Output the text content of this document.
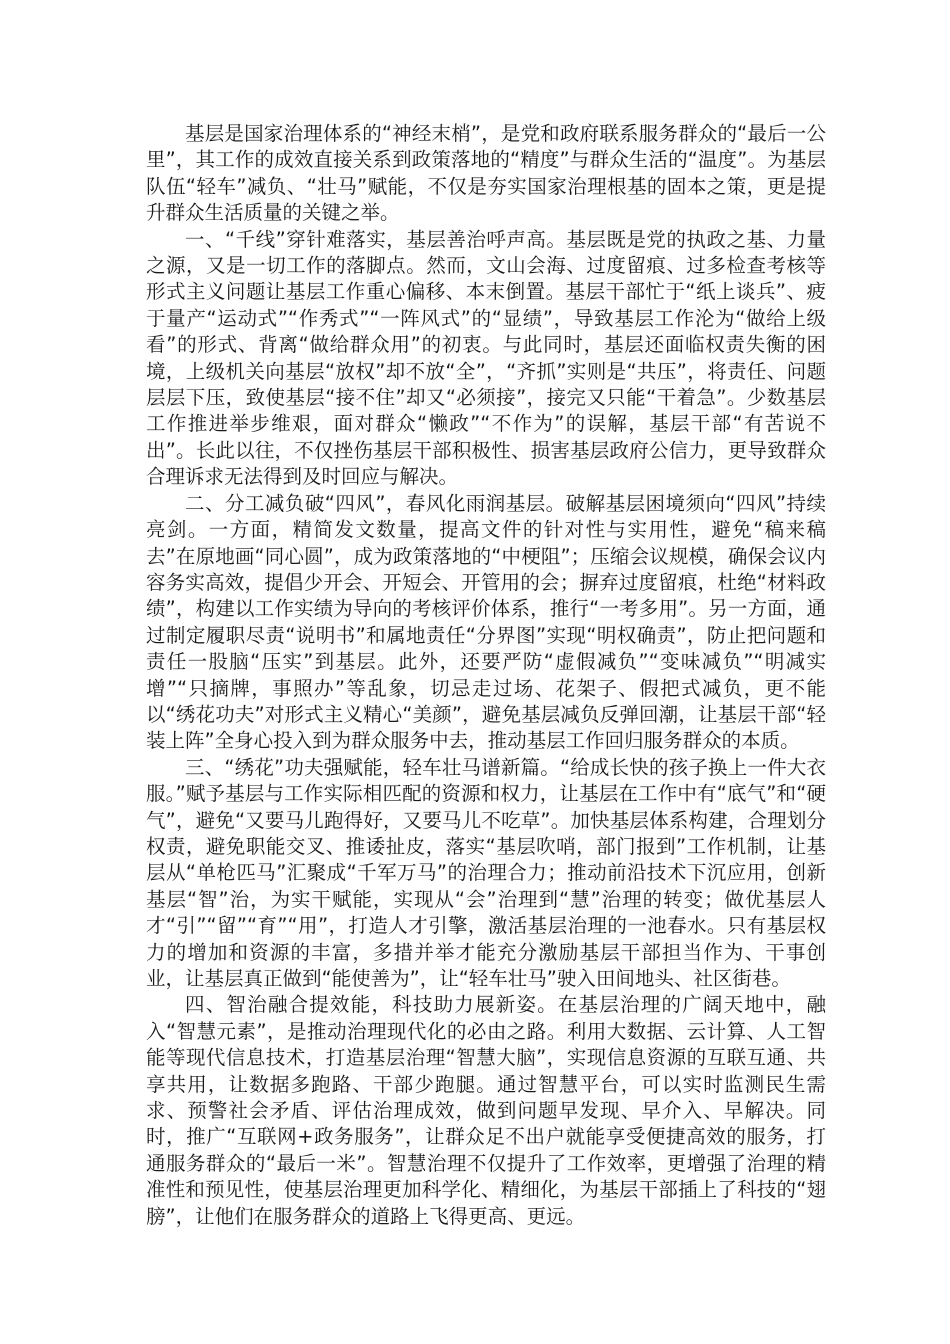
基层是国家治理体系的“神经末梢”，是党和政府联系服务群众的“最后一公里”，其工作的成效直接关系到政策落地的“精度”与群众生活的“温度”。为基层队伍“轻车”减负、“壮马”赋能，不仅是夯实国家治理根基的固本之策，更是提升群众生活质量的关键之举。

一、“千线”穿针难落实，基层善治呼声高。基层既是党的执政之基、力量之源，又是一切工作的落脚点。然而，文山会海、过度留痕、过多检查考核等形式主义问题让基层工作重心偏移、本末倒置。基层干部忙于“纸上谈兵”、疲于量产“运动式”“作秀式”“一阵风式”的“显绩”，导致基层工作沦为“做给上级看”的形式、背离“做给群众用”的初衷。与此同时，基层还面临权责失衡的困境，上级机关向基层“放权”却不放“全”，“齐抓”实则是“共压”，将责任、问题层层下压，致使基层“接不住”却又“必须接”，接完又只能“干着急”。少数基层工作推进举步维艰，面对群众“懒政”“不作为”的误解，基层干部“有苦说不出”。长此以往，不仅挫伤基层干部积极性、损害基层政府公信力，更导致群众合理诉求无法得到及时回应与解决。

二、分工减负破“四风”，春风化雨润基层。破解基层困境须向“四风”持续亮剑。一方面，精简发文数量，提高文件的针对性与实用性，避免“稿来稿去”在原地画“同心圆”，成为政策落地的“中梗阻”；压缩会议规模，确保会议内容务实高效，提倡少开会、开短会、开管用的会；摒弃过度留痕，杜绝“材料政绩”，构建以工作实绩为导向的考核评价体系，推行“一考多用”。另一方面，通过制定履职尽责“说明书”和属地责任“分界图”实现“明权确责”，防止把问题和责任一股脑“压实”到基层。此外，还要严防“虚假减负”“变味减负”“明减实增”“只摘牌，事照办”等乱象，切忌走过场、花架子、假把式减负，更不能以“绣花功夫”对形式主义精心“美颜”，避免基层减负反弹回潮，让基层干部“轻装上阵”全身心投入到为群众服务中去，推动基层工作回归服务群众的本质。

三、“绣花”功夫强赋能，轻车壮马谱新篇。“给成长快的孩子换上一件大衣服。”赋予基层与工作实际相匹配的资源和权力，让基层在工作中有“底气”和“硬气”，避免“又要马儿跑得好，又要马儿不吃草”。加快基层体系构建，合理划分权责，避免职能交叉、推诿扯皮，落实“基层吹哨，部门报到”工作机制，让基层从“单枪匹马”汇聚成“千军万马”的治理合力；推动前沿技术下沉应用，创新基层“智”治，为实干赋能，实现从“会”治理到“慧”治理的转变；做优基层人才“引”“留”“育”“用”，打造人才引擎，激活基层治理的一池春水。只有基层权力的增加和资源的丰富，多措并举才能充分激励基层干部担当作为、干事创业，让基层真正做到“能使善为”，让“轻车壮马”驶入田间地头、社区街巷。

四、智治融合提效能，科技助力展新姿。在基层治理的广阔天地中，融入“智慧元素”，是推动治理现代化的必由之路。利用大数据、云计算、人工智能等现代信息技术，打造基层治理“智慧大脑”，实现信息资源的互联互通、共享共用，让数据多跑路、干部少跑腿。通过智慧平台，可以实时监测民生需求、预警社会矛盾、评估治理成效，做到问题早发现、早介入、早解决。同时，推广“互联网+政务服务”，让群众足不出户就能享受便捷高效的服务，打通服务群众的“最后一米”。智慧治理不仅提升了工作效率，更增强了治理的精准性和预见性，使基层治理更加科学化、精细化，为基层干部插上了科技的“翅膀”，让他们在服务群众的道路上飞得更高、更远。
